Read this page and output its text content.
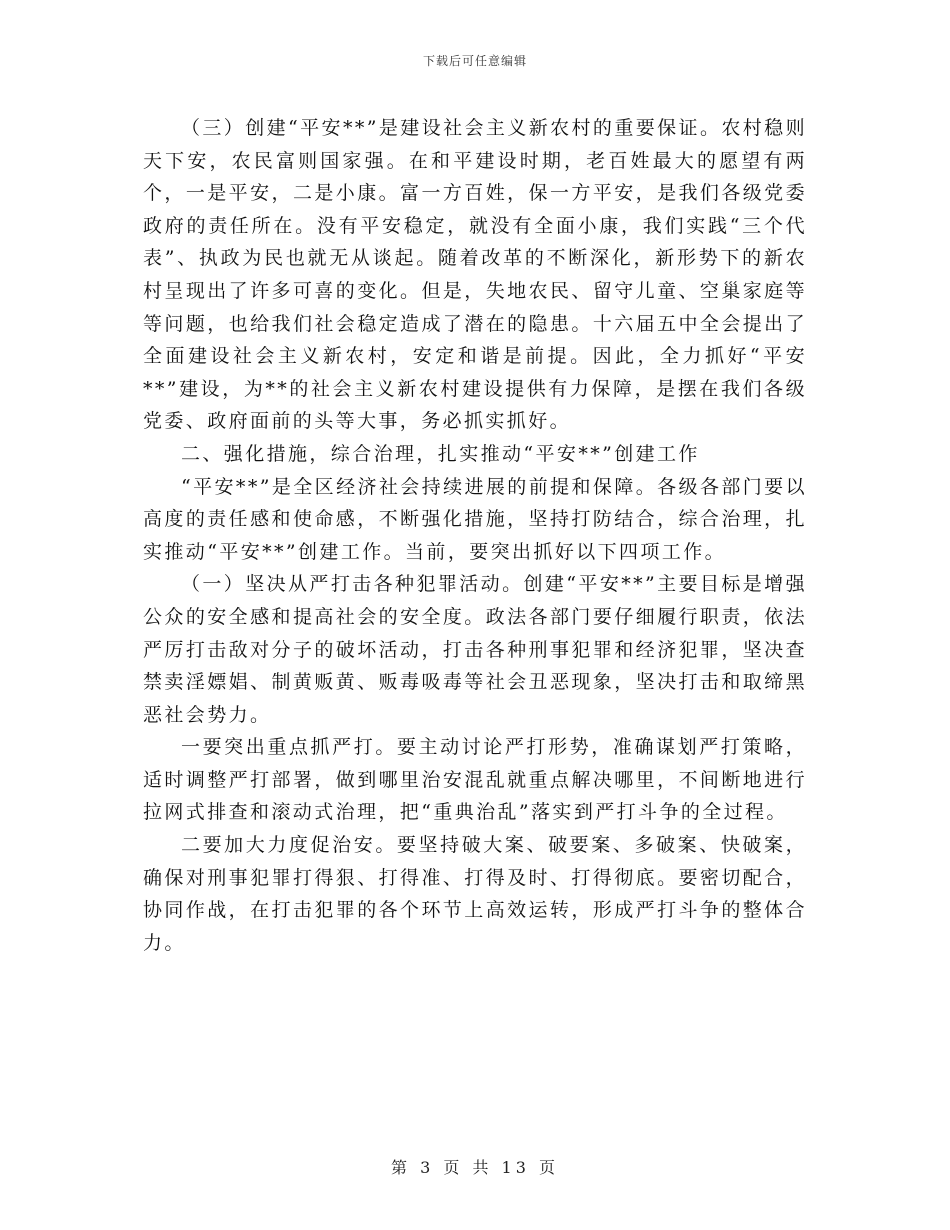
下载后可任意编辑

（三）创建“平安**”是建设社会主义新农村的重要保证。农村稳则天下安，农民富则国家强。在和平建设时期，老百姓最大的愿望有两个，一是平安，二是小康。富一方百姓，保一方平安，是我们各级党委政府的责任所在。没有平安稳定，就没有全面小康，我们实践“三个代表”、执政为民也就无从谈起。随着改革的不断深化，新形势下的新农村呈现出了许多可喜的变化。但是，失地农民、留守儿童、空巢家庭等等问题，也给我们社会稳定造成了潜在的隐患。十六届五中全会提出了全面建设社会主义新农村，安定和谐是前提。因此，全力抓好“平安**”建设，为**的社会主义新农村建设提供有力保障，是摆在我们各级党委、政府面前的头等大事，务必抓实抓好。

二、强化措施，综合治理，扎实推动“平安**”创建工作

“平安**”是全区经济社会持续进展的前提和保障。各级各部门要以高度的责任感和使命感，不断强化措施，坚持打防结合，综合治理，扎实推动“平安**”创建工作。当前，要突出抓好以下四项工作。

（一）坚决从严打击各种犯罪活动。创建“平安**”主要目标是增强公众的安全感和提高社会的安全度。政法各部门要仔细履行职责，依法严厉打击敌对分子的破坏活动，打击各种刑事犯罪和经济犯罪，坚决查禁卖淫嫖娼、制黄贩黄、贩毒吸毒等社会丑恶现象，坚决打击和取缔黑恶社会势力。

一要突出重点抓严打。要主动讨论严打形势，准确谋划严打策略，适时调整严打部署，做到哪里治安混乱就重点解决哪里，不间断地进行拉网式排查和滚动式治理，把“重典治乱”落实到严打斗争的全过程。

二要加大力度促治安。要坚持破大案、破要案、多破案、快破案，确保对刑事犯罪打得狠、打得准、打得及时、打得彻底。要密切配合，协同作战，在打击犯罪的各个环节上高效运转，形成严打斗争的整体合力。

第 3 页 共 13 页
